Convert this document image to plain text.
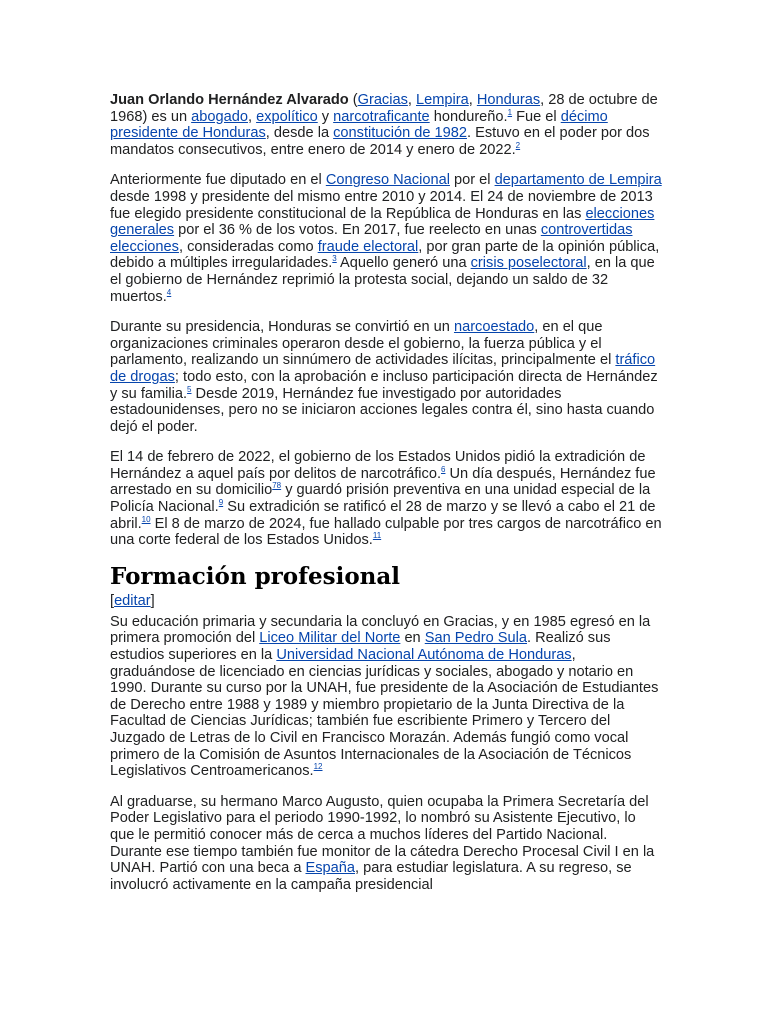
Juan Orlando Hernández Alvarado (Gracias, Lempira, Honduras, 28 de octubre de 1968) es un abogado, expolítico y narcotraficante hondureño.$^1$ Fue el décimo presidente de Honduras, desde la constitución de 1982. Estuvo en el poder por dos mandatos consecutivos, entre enero de 2014 y enero de 2022.$^2$

Anteriormente fue diputado en el Congreso Nacional por el departamento de Lempira desde 1998 y presidente del mismo entre 2010 y 2014. El 24 de noviembre de 2013 fue elegido presidente constitucional de la República de Honduras en las elecciones generales por el 36 % de los votos. En 2017, fue reelecto en unas controvertidas elecciones, consideradas como fraude electoral, por gran parte de la opinión pública, debido a múltiples irregularidades.$^3$ Aquello generó una crisis poselectoral, en la que el gobierno de Hernández reprimió la protesta social, dejando un saldo de 32 muertos.$^4$

Durante su presidencia, Honduras se convirtió en un narcoestado, en el que organizaciones criminales operaron desde el gobierno, la fuerza pública y el parlamento, realizando un sinnúmero de actividades ilícitas, principalmente el tráfico de drogas; todo esto, con la aprobación e incluso participación directa de Hernández y su familia.$^5$ Desde 2019, Hernández fue investigado por autoridades estadounidenses, pero no se iniciaron acciones legales contra él, sino hasta cuando dejó el poder.

El 14 de febrero de 2022, el gobierno de los Estados Unidos pidió la extradición de Hernández a aquel país por delitos de narcotráfico.$^6$ Un día después, Hernández fue arrestado en su domicilio$^{78}$ y guardó prisión preventiva en una unidad especial de la Policía Nacional.$^9$ Su extradición se ratificó el 28 de marzo y se llevó a cabo el 21 de abril.$^{10}$ El 8 de marzo de 2024, fue hallado culpable por tres cargos de narcotráfico en una corte federal de los Estados Unidos.$^{11}$

Formación profesional
[editar]

Su educación primaria y secundaria la concluyó en Gracias, y en 1985 egresó en la primera promoción del Liceo Militar del Norte en San Pedro Sula. Realizó sus estudios superiores en la Universidad Nacional Autónoma de Honduras, graduándose de licenciado en ciencias jurídicas y sociales, abogado y notario en 1990. Durante su curso por la UNAH, fue presidente de la Asociación de Estudiantes de Derecho entre 1988 y 1989 y miembro propietario de la Junta Directiva de la Facultad de Ciencias Jurídicas; también fue escribiente Primero y Tercero del Juzgado de Letras de lo Civil en Francisco Morazán. Además fungió como vocal primero de la Comisión de Asuntos Internacionales de la Asociación de Técnicos Legislativos Centroamericanos.$^{12}$

Al graduarse, su hermano Marco Augusto, quien ocupaba la Primera Secretaría del Poder Legislativo para el periodo 1990-1992, lo nombró su Asistente Ejecutivo, lo que le permitió conocer más de cerca a muchos líderes del Partido Nacional. Durante ese tiempo también fue monitor de la cátedra Derecho Procesal Civil I en la UNAH. Partió con una beca a España, para estudiar legislatura. A su regreso, se involucró activamente en la campaña presidencial
